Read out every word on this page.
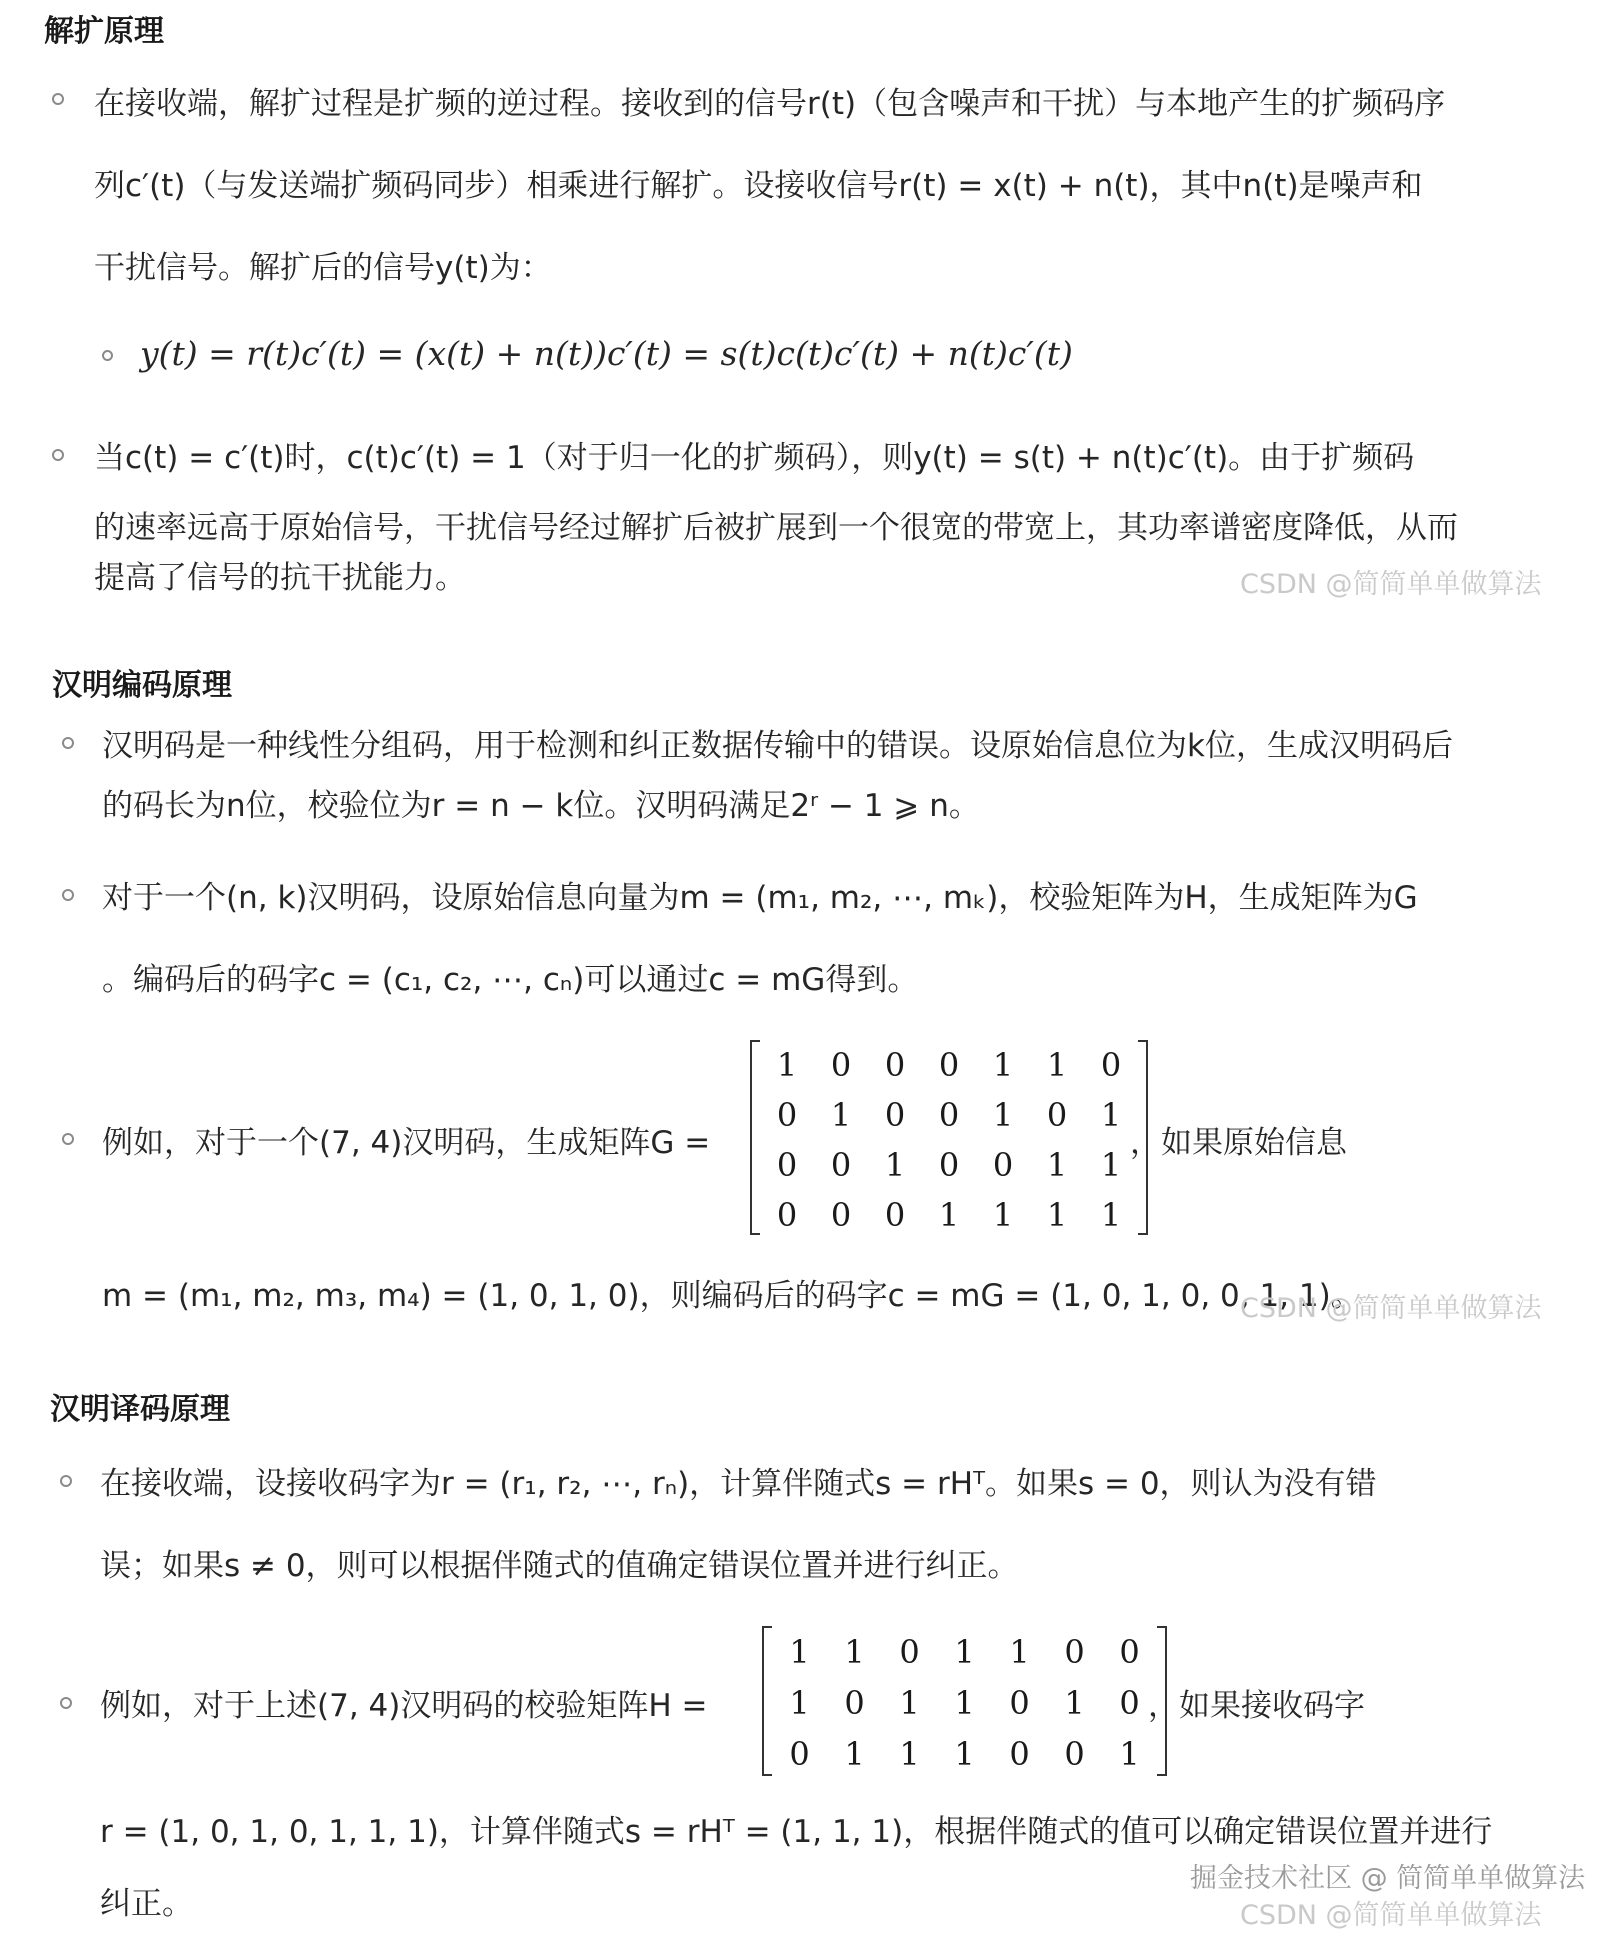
解扩原理
在接收端，解扩过程是扩频的逆过程。接收到的信号r(t)（包含噪声和干扰）与本地产生的扩频码序
列c′(t)（与发送端扩频码同步）相乘进行解扩。设接收信号r(t) = x(t) + n(t)，其中n(t)是噪声和
干扰信号。解扩后的信号y(t)为：
y(t) = r(t)c′(t) = (x(t) + n(t))c′(t) = s(t)c(t)c′(t) + n(t)c′(t)
当c(t) = c′(t)时，c(t)c′(t) = 1（对于归一化的扩频码），则y(t) = s(t) + n(t)c′(t)。由于扩频码
的速率远高于原始信号，干扰信号经过解扩后被扩展到一个很宽的带宽上，其功率谱密度降低，从而
提高了信号的抗干扰能力。	CSDN @简简单单做算法
汉明编码原理
汉明码是一种线性分组码，用于检测和纠正数据传输中的错误。设原始信息位为k位，生成汉明码后
的码长为n位，校验位为r = n − k位。汉明码满足2ʳ − 1 ⩾ n。
对于一个(n, k)汉明码，设原始信息向量为m = (m₁, m₂, ⋯, mₖ)，校验矩阵为H，生成矩阵为G
。编码后的码字c = (c₁, c₂, ⋯, cₙ)可以通过c = mG得到。
例如，对于一个(7, 4)汉明码，生成矩阵G =
1	0	0	0	1	1	0
0	1	0	0	1	0	1
0	0	1	0	0	1	1
0	0	0	1	1	1	1
，如果原始信息
m = (m₁, m₂, m₃, m₄) = (1, 0, 1, 0)，则编码后的码字c = mG = (1, 0, 1, 0, 0, 1, 1)。
CSDN @简简单单做算法
汉明译码原理
在接收端，设接收码字为r = (r₁, r₂, ⋯, rₙ)，计算伴随式s = rHᵀ。如果s = 0，则认为没有错
误；如果s ≠ 0，则可以根据伴随式的值确定错误位置并进行纠正。
例如，对于上述(7, 4)汉明码的校验矩阵H =
1	1	0	1	1	0	0
1	0	1	1	0	1	0
0	1	1	1	0	0	1
，如果接收码字
r = (1, 0, 1, 0, 1, 1, 1)，计算伴随式s = rHᵀ = (1, 1, 1)，根据伴随式的值可以确定错误位置并进行
纠正。
掘金技术社区 @ 简简单单做算法
CSDN @简简单单做算法
